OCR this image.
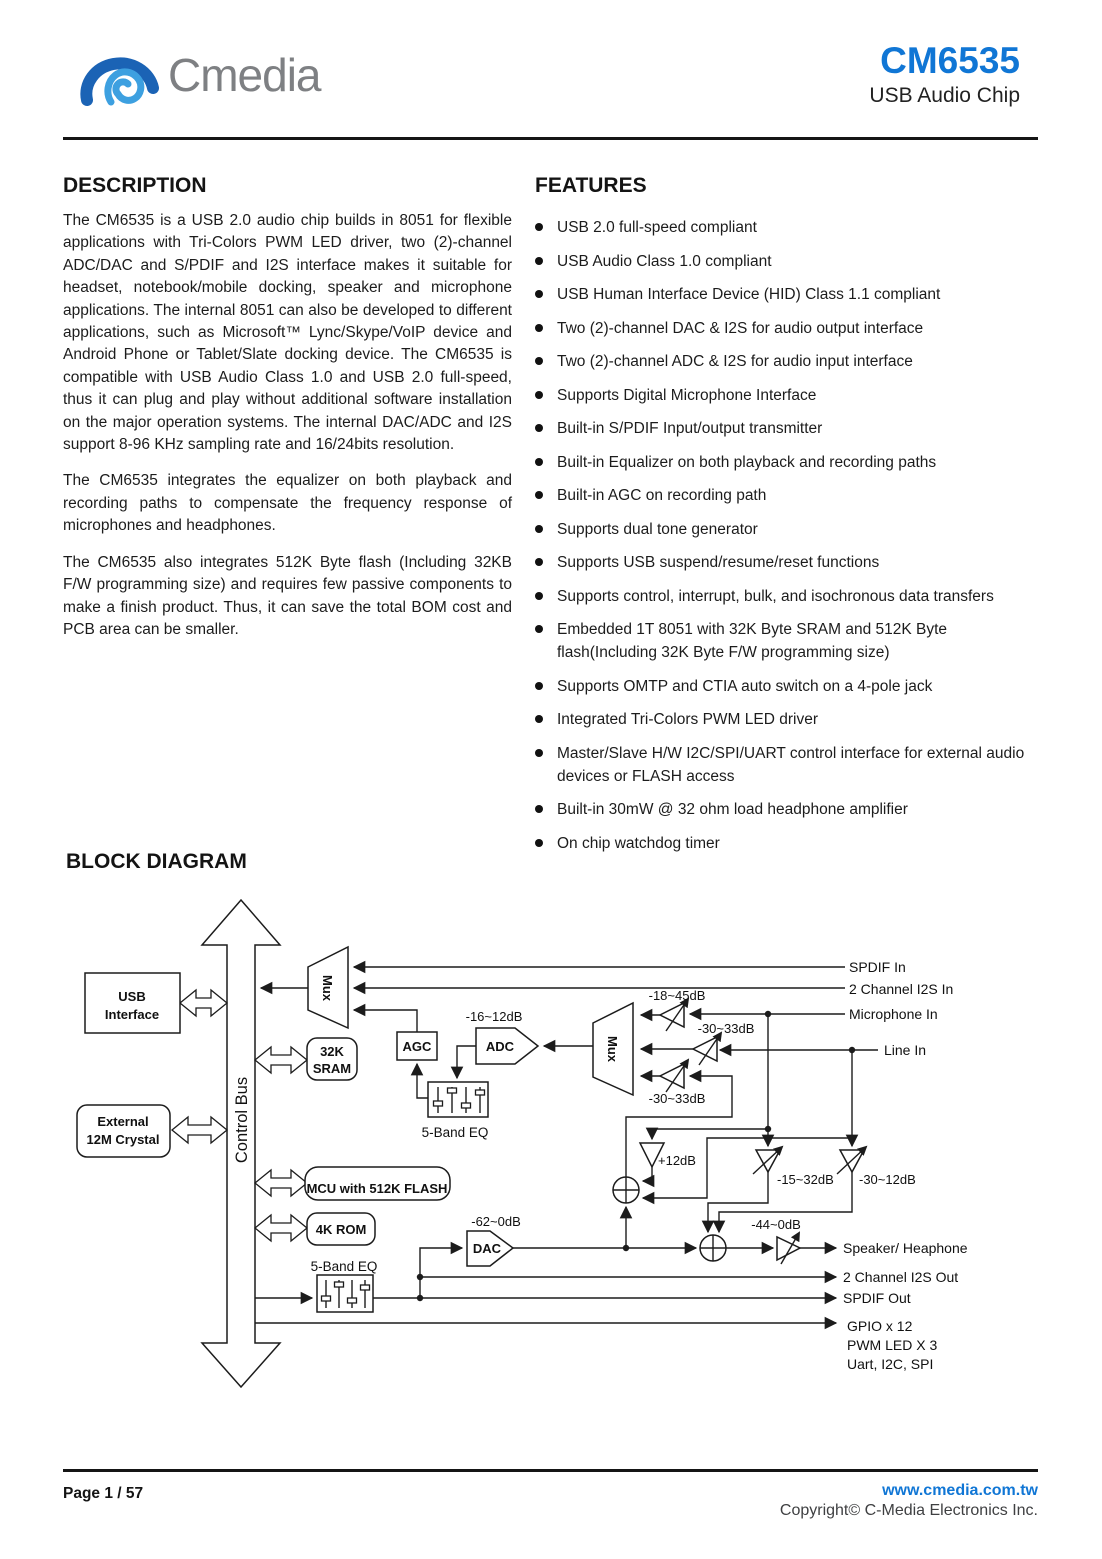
Cmedia	CM6535
USB Audio Chip
DESCRIPTION

The CM6535 is a USB 2.0 audio chip builds in 8051 for flexible applications with Tri-Colors PWM LED driver, two (2)-channel ADC/DAC and S/PDIF and I2S interface makes it suitable for headset, notebook/mobile docking, speaker and microphone applications. The internal 8051 can also be developed to different applications, such as Microsoft™ Lync/Skype/VoIP device and Android Phone or Tablet/Slate docking device. The CM6535 is compatible with USB Audio Class 1.0 and USB 2.0 full-speed, thus it can plug and play without additional software installation on the major operation systems. The internal DAC/ADC and I2S support 8-96 KHz sampling rate and 16/24bits resolution.

The CM6535 integrates the equalizer on both playback and recording paths to compensate the frequency response of microphones and headphones.

The CM6535 also integrates 512K Byte flash (Including 32KB F/W programming size) and requires few passive components to make a finish product. Thus, it can save the total BOM cost and PCB area can be smaller.

FEATURES
USB 2.0 full-speed compliant
USB Audio Class 1.0 compliant
USB Human Interface Device (HID) Class 1.1 compliant
Two (2)-channel DAC & I2S for audio output interface
Two (2)-channel ADC & I2S for audio input interface
Supports Digital Microphone Interface
Built-in S/PDIF Input/output transmitter
Built-in Equalizer on both playback and recording paths
Built-in AGC on recording path
Supports dual tone generator
Supports USB suspend/resume/reset functions
Supports control, interrupt, bulk, and isochronous data transfers
Embedded 1T 8051 with 32K Byte SRAM and 512K Byte flash(Including 32K Byte F/W programming size)
Supports OMTP and CTIA auto switch on a 4-pole jack
Integrated Tri-Colors PWM LED driver
Master/Slave H/W I2C/SPI/UART control interface for external audio devices or FLASH access
Built-in 30mW @ 32 ohm load headphone amplifier
On chip watchdog timer
BLOCK DIAGRAM
Control Bus
USB
Interface
External
12M Crystal
32K
SRAM
MCU with 512K FLASH
4K ROM
AGC	ADC
-16~12dB
DAC
-62~0dB
Mux
Mux
5-Band EQ
5-Band EQ
-18~45dB
-30~33dB
-30~33dB
+12dB
-15~32dB -30~12dB
-44~0dB
SPDIF In
2 Channel I2S In
Microphone In
Line In
Speaker/ Heaphone
2 Channel I2S Out
SPDIF Out
GPIO x 12
PWM LED X 3
Uart, I2C, SPI
Page 1 / 57	www.cmedia.com.tw
Copyright© C-Media Electronics Inc.
